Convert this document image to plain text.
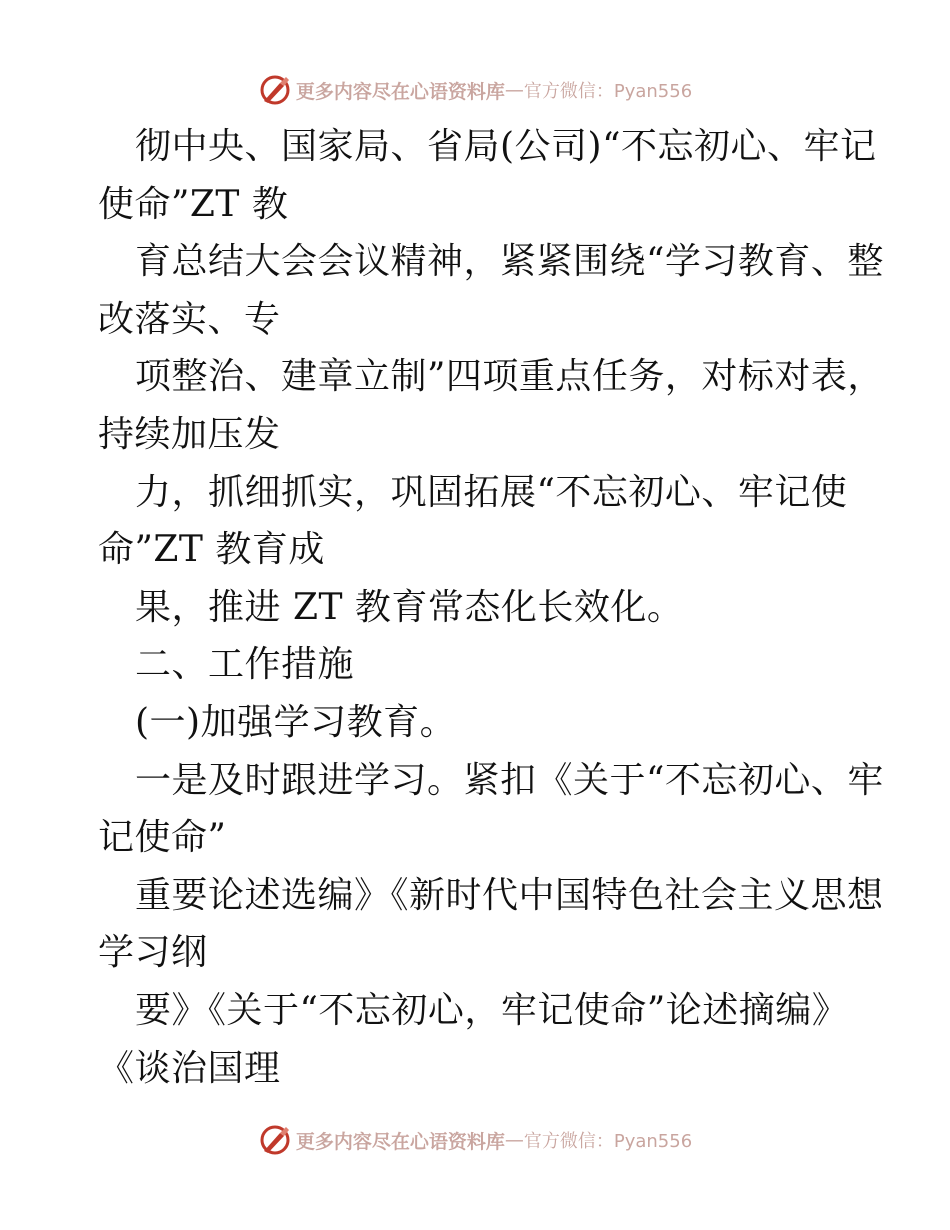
更多内容尽在心语资料库 — 官方微信：Pyan556
彻中央、国家局、省局(公司)“不忘初心、牢记
使命”ZT 教
育总结大会会议精神，紧紧围绕“学习教育、整
改落实、专
项整治、建章立制”四项重点任务，对标对表，
持续加压发
力，抓细抓实，巩固拓展“不忘初心、牢记使
命”ZT 教育成
果，推进 ZT 教育常态化长效化。
二、工作措施
(一)加强学习教育。
一是及时跟进学习。紧扣《关于“不忘初心、牢
记使命”
重要论述选编》《新时代中国特色社会主义思想
学习纲
要》《关于“不忘初心，牢记使命”论述摘编》
《谈治国理
更多内容尽在心语资料库 — 官方微信：Pyan556
